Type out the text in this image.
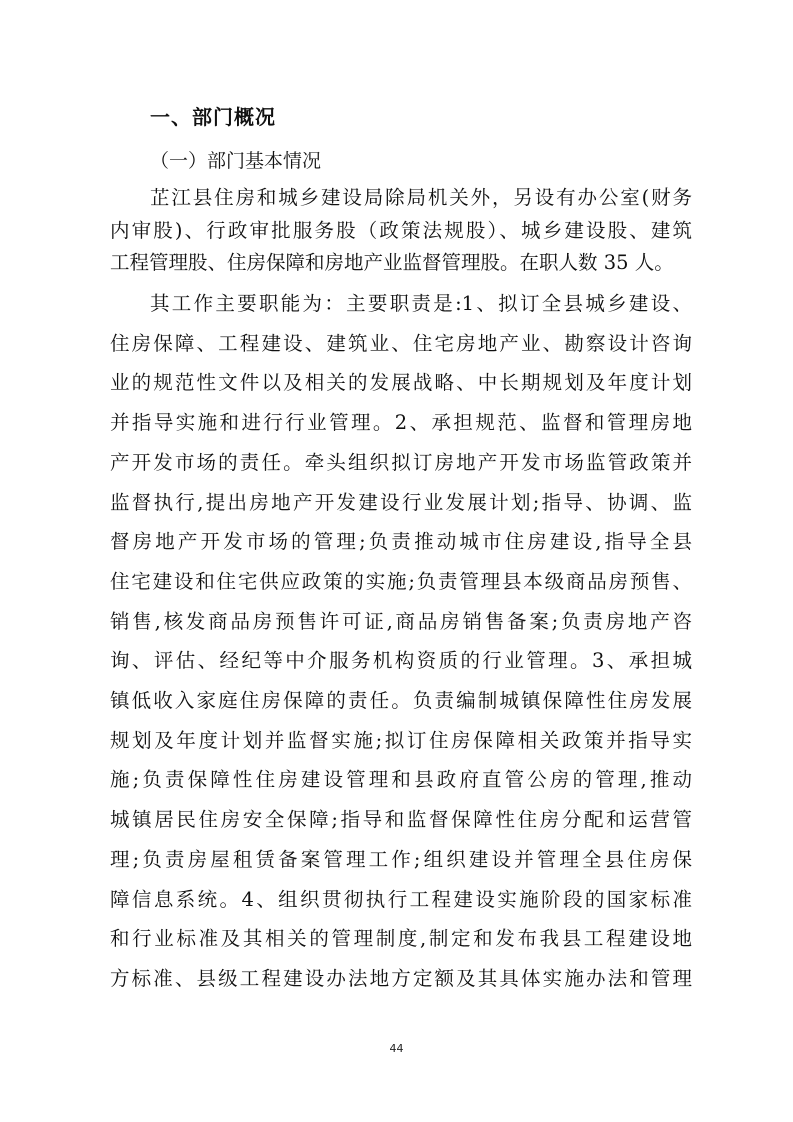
一、部门概况
（一）部门基本情况
芷江县住房和城乡建设局除局机关外，另设有办公室(财务
内审股)、行政审批服务股（政策法规股）、城乡建设股、建筑
工程管理股、住房保障和房地产业监督管理股。在职人数 35 人。
其工作主要职能为：主要职责是:1、拟订全县城乡建设、
住房保障、工程建设、建筑业、住宅房地产业、勘察设计咨询
业的规范性文件以及相关的发展战略、中长期规划及年度计划
并指导实施和进行行业管理。2、承担规范、监督和管理房地
产开发市场的责任。牵头组织拟订房地产开发市场监管政策并
监督执行,提出房地产开发建设行业发展计划;指导、协调、监
督房地产开发市场的管理;负责推动城市住房建设,指导全县
住宅建设和住宅供应政策的实施;负责管理县本级商品房预售、
销售,核发商品房预售许可证,商品房销售备案;负责房地产咨
询、评估、经纪等中介服务机构资质的行业管理。3、承担城
镇低收入家庭住房保障的责任。负责编制城镇保障性住房发展
规划及年度计划并监督实施;拟订住房保障相关政策并指导实
施;负责保障性住房建设管理和县政府直管公房的管理,推动
城镇居民住房安全保障;指导和监督保障性住房分配和运营管
理;负责房屋租赁备案管理工作;组织建设并管理全县住房保
障信息系统。4、组织贯彻执行工程建设实施阶段的国家标准
和行业标准及其相关的管理制度,制定和发布我县工程建设地
方标准、县级工程建设办法地方定额及其具体实施办法和管理
44
